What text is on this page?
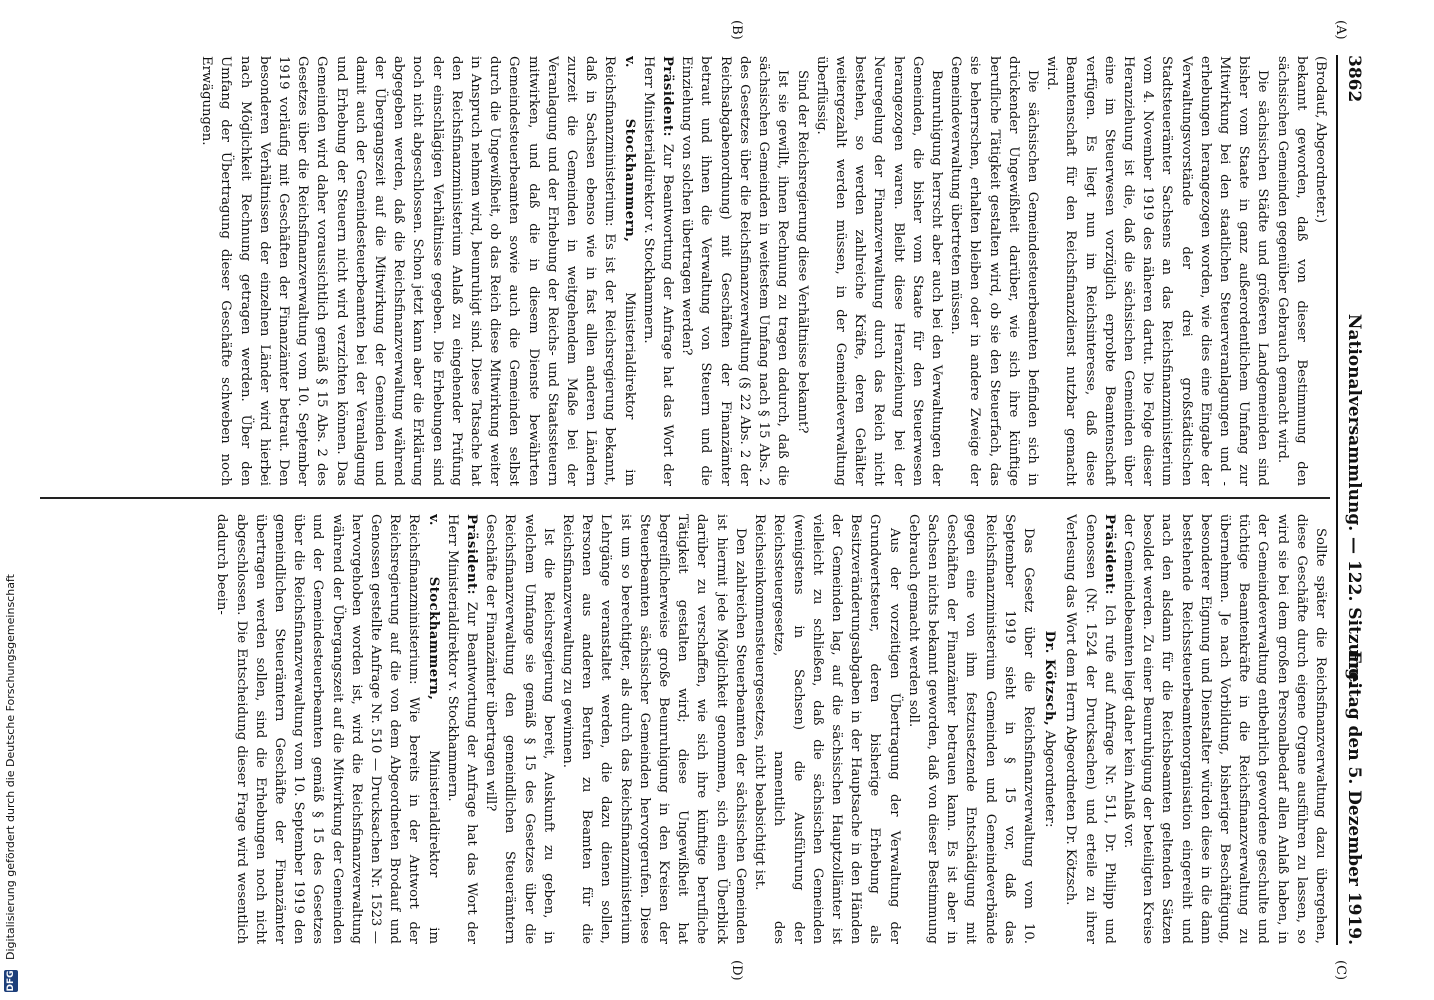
3862
Nationalversammlung. — 122. Sitzung.
Freitag den 5. Dezember 1919.
(A)
(B)
(C)
(D)

(Brodauf, Abgeordneter.)

bekannt geworden, daß von dieser Bestimmung den sächsischen Gemeinden gegenüber Gebrauch gemacht wird.

Die sächsischen Städte und größeren Landgemeinden sind bisher vom Staate in ganz außerordentlichem Umfang zur Mitwirkung bei den staatlichen Steuerveranlagungen und -erhebungen herangezogen worden, wie dies eine Eingabe der Verwaltungsvorstände der drei großstädtischen Stadtsteuerämter Sachsens an das Reichsfinanzministerium vom 4. November 1919 des näheren dartut. Die Folge dieser Heranziehung ist die, daß die sächsischen Gemeinden über eine im Steuerwesen vorzüglich erprobte Beamtenschaft verfügen. Es liegt nun im Reichsinteresse, daß diese Beamtenschaft für den Reichsfinanzdienst nutzbar gemacht wird.

Die sächsischen Gemeindesteuerbeamten befinden sich in drückender Ungewißheit darüber, wie sich ihre künftige berufliche Tätigkeit gestalten wird, ob sie den Steuerfach, das sie beherrschen, erhalten bleiben oder in andere Zweige der Gemeindeverwaltung übertreten müssen.

Beunruhigung herrscht aber auch bei den Verwaltungen der Gemeinden, die bisher vom Staate für den Steuerwesen herangezogen waren. Bleibt diese Heranziehung bei der Neuregelung der Finanzverwaltung durch das Reich nicht bestehen, so werden zahlreiche Kräfte, deren Gehälter weitergezahlt werden müssen, in der Gemeindeverwaltung überflüssig.

Sind der Reichsregierung diese Verhältnisse bekannt?

Ist sie gewillt, ihnen Rechnung zu tragen dadurch, daß die sächsischen Gemeinden in weitestem Umfang nach § 15 Abs. 2 des Gesetzes über die Reichsfinanzverwaltung (§ 22 Abs. 2 der Reichsabgabenordnung) mit Geschäften der Finanzämter betraut und ihnen die Verwaltung von Steuern und die Einziehung von solchen übertragen werden?

Präsident: Zur Beantwortung der Anfrage hat das Wort der Herr Ministerialdirektor v. Stockhammern.

v. Stockhammern, Ministerialdirektor im Reichsfinanzministerium: Es ist der Reichsregierung bekannt, daß in Sachsen ebenso wie in fast allen anderen Ländern zurzeit die Gemeinden in weitgehendem Maße bei der Veranlagung und der Erhebung der Reichs- und Staatssteuern mitwirken, und daß die in diesem Dienste bewährten Gemeindesteuerbeamten sowie auch die Gemeinden selbst durch die Ungewißheit, ob das Reich diese Mitwirkung weiter in Anspruch nehmen wird, beunruhigt sind. Diese Tatsache hat den Reichsfinanzministerium Anlaß zu eingehender Prüfung der einschlägigen Verhältnisse gegeben. Die Erhebungen sind noch nicht abgeschlossen. Schon jetzt kann aber die Erklärung abgegeben werden, daß die Reichsfinanzverwaltung während der Übergangszeit auf die Mitwirkung der Gemeinden und damit auch der Gemeindesteuerbeamten bei der Veranlagung und Erhebung der Steuern nicht wird verzichten können. Das Gemeinden wird daher voraussichtlich gemäß § 15 Abs. 2 des Gesetzes über die Reichsfinanzverwaltung vom 10. September 1919 vorläufig mit Geschäften der Finanzämter betraut. Den besonderen Verhältnissen der einzelnen Länder wird hierbei nach Möglichkeit Rechnung getragen werden. Über den Umfang der Übertragung dieser Geschäfte schweben noch Erwägungen.

Sollte später die Reichsfinanzverwaltung dazu übergehen, diese Geschäfte durch eigene Organe ausführen zu lassen, so wird sie bei dem großen Personalbedarf allen Anlaß haben, in der Gemeindeverwaltung entbehrlich gewordene geschulte und tüchtige Beamtenkräfte in die Reichsfinanzverwaltung zu übernehmen. Je nach Vorbildung, bisheriger Beschäftigung, besonderer Eignung und Dienstalter würden diese in die dann bestehende Reichssteuerbeamtenorganisation eingereiht und nach den alsdann für die Reichsbeamten geltenden Sätzen besoldet werden. Zu einer Beunruhigung der beteiligten Kreise der Gemeindebeamten liegt daher kein Anlaß vor.

Präsident: Ich rufe auf Anfrage Nr. 511, Dr. Philipp und Genossen (Nr. 1524 der Drucksachen) und erteile zu ihrer Verlesung das Wort dem Herrn Abgeordneten Dr. Kötzsch.

Dr. Kötzsch, Abgeordneter:

Das Gesetz über die Reichsfinanzverwaltung vom 10. September 1919 sieht in § 15 vor, daß das Reichsfinanzministerium Gemeinden und Gemeindeverbände gegen eine von ihm festzusetzende Entschädigung mit Geschäften der Finanzämter betrauen kann. Es ist aber in Sachsen nichts bekannt geworden, daß von dieser Bestimmung Gebrauch gemacht werden soll.

Aus der vorzeitigen Übertragung der Verwaltung der Grundwertsteuer, deren bisherige Erhebung als Besitzveränderungsabgaben in der Hauptsache in den Händen der Gemeinden lag, auf die sächsischen Hauptzollämter ist vielleicht zu schließen, daß die sächsischen Gemeinden (wenigstens in Sachsen) die Ausführung der Reichssteuergesetze, namentlich des Reichseinkommensteuergesetzes, nicht beabsichtigt ist.

Den zahlreichen Steuerbeamten der sächsischen Gemeinden ist hiermit jede Möglichkeit genommen, sich einen Überblick darüber zu verschaffen, wie sich ihre künftige berufliche Tätigkeit gestalten wird; diese Ungewißheit hat begreiflicherweise große Beunruhigung in den Kreisen der Steuerbeamten sächsischer Gemeinden hervorgerufen. Diese ist um so berechtigter, als durch das Reichsfinanzministerium Lehrgänge veranstaltet werden, die dazu dienen sollen, Personen aus anderen Berufen zu Beamten für die Reichsfinanzverwaltung zu gewinnen.

Ist die Reichsregierung bereit, Auskunft zu geben, in welchem Umfange sie gemäß § 15 des Gesetzes über die Reichsfinanzverwaltung den gemeindlichen Steuerämtern Geschäfte der Finanzämter übertragen will?

Präsident: Zur Beantwortung der Anfrage hat das Wort der Herr Ministerialdirektor v. Stockhammern.

v. Stockhammern, Ministerialdirektor im Reichsfinanzministerium: Wie bereits in der Antwort der Reichsregierung auf die von dem Abgeordneten Brodauf und Genossen gestellte Anfrage Nr. 510 — Drucksachen Nr. 1523 — hervorgehoben worden ist, wird die Reichsfinanzverwaltung während der Übergangszeit auf die Mitwirkung der Gemeinden und der Gemeindesteuerbeamten gemäß § 15 des Gesetzes über die Reichsfinanzverwaltung vom 10. September 1919 den gemeindlichen Steuerämtern Geschäfte der Finanzämter übertragen werden sollen, sind die Erhebungen noch nicht abgeschlossen. Die Entscheidung dieser Frage wird wesentlich dadurch beein-

Digitalisierung gefördert durch die Deutsche Forschungsgemeinschaft
DFG
